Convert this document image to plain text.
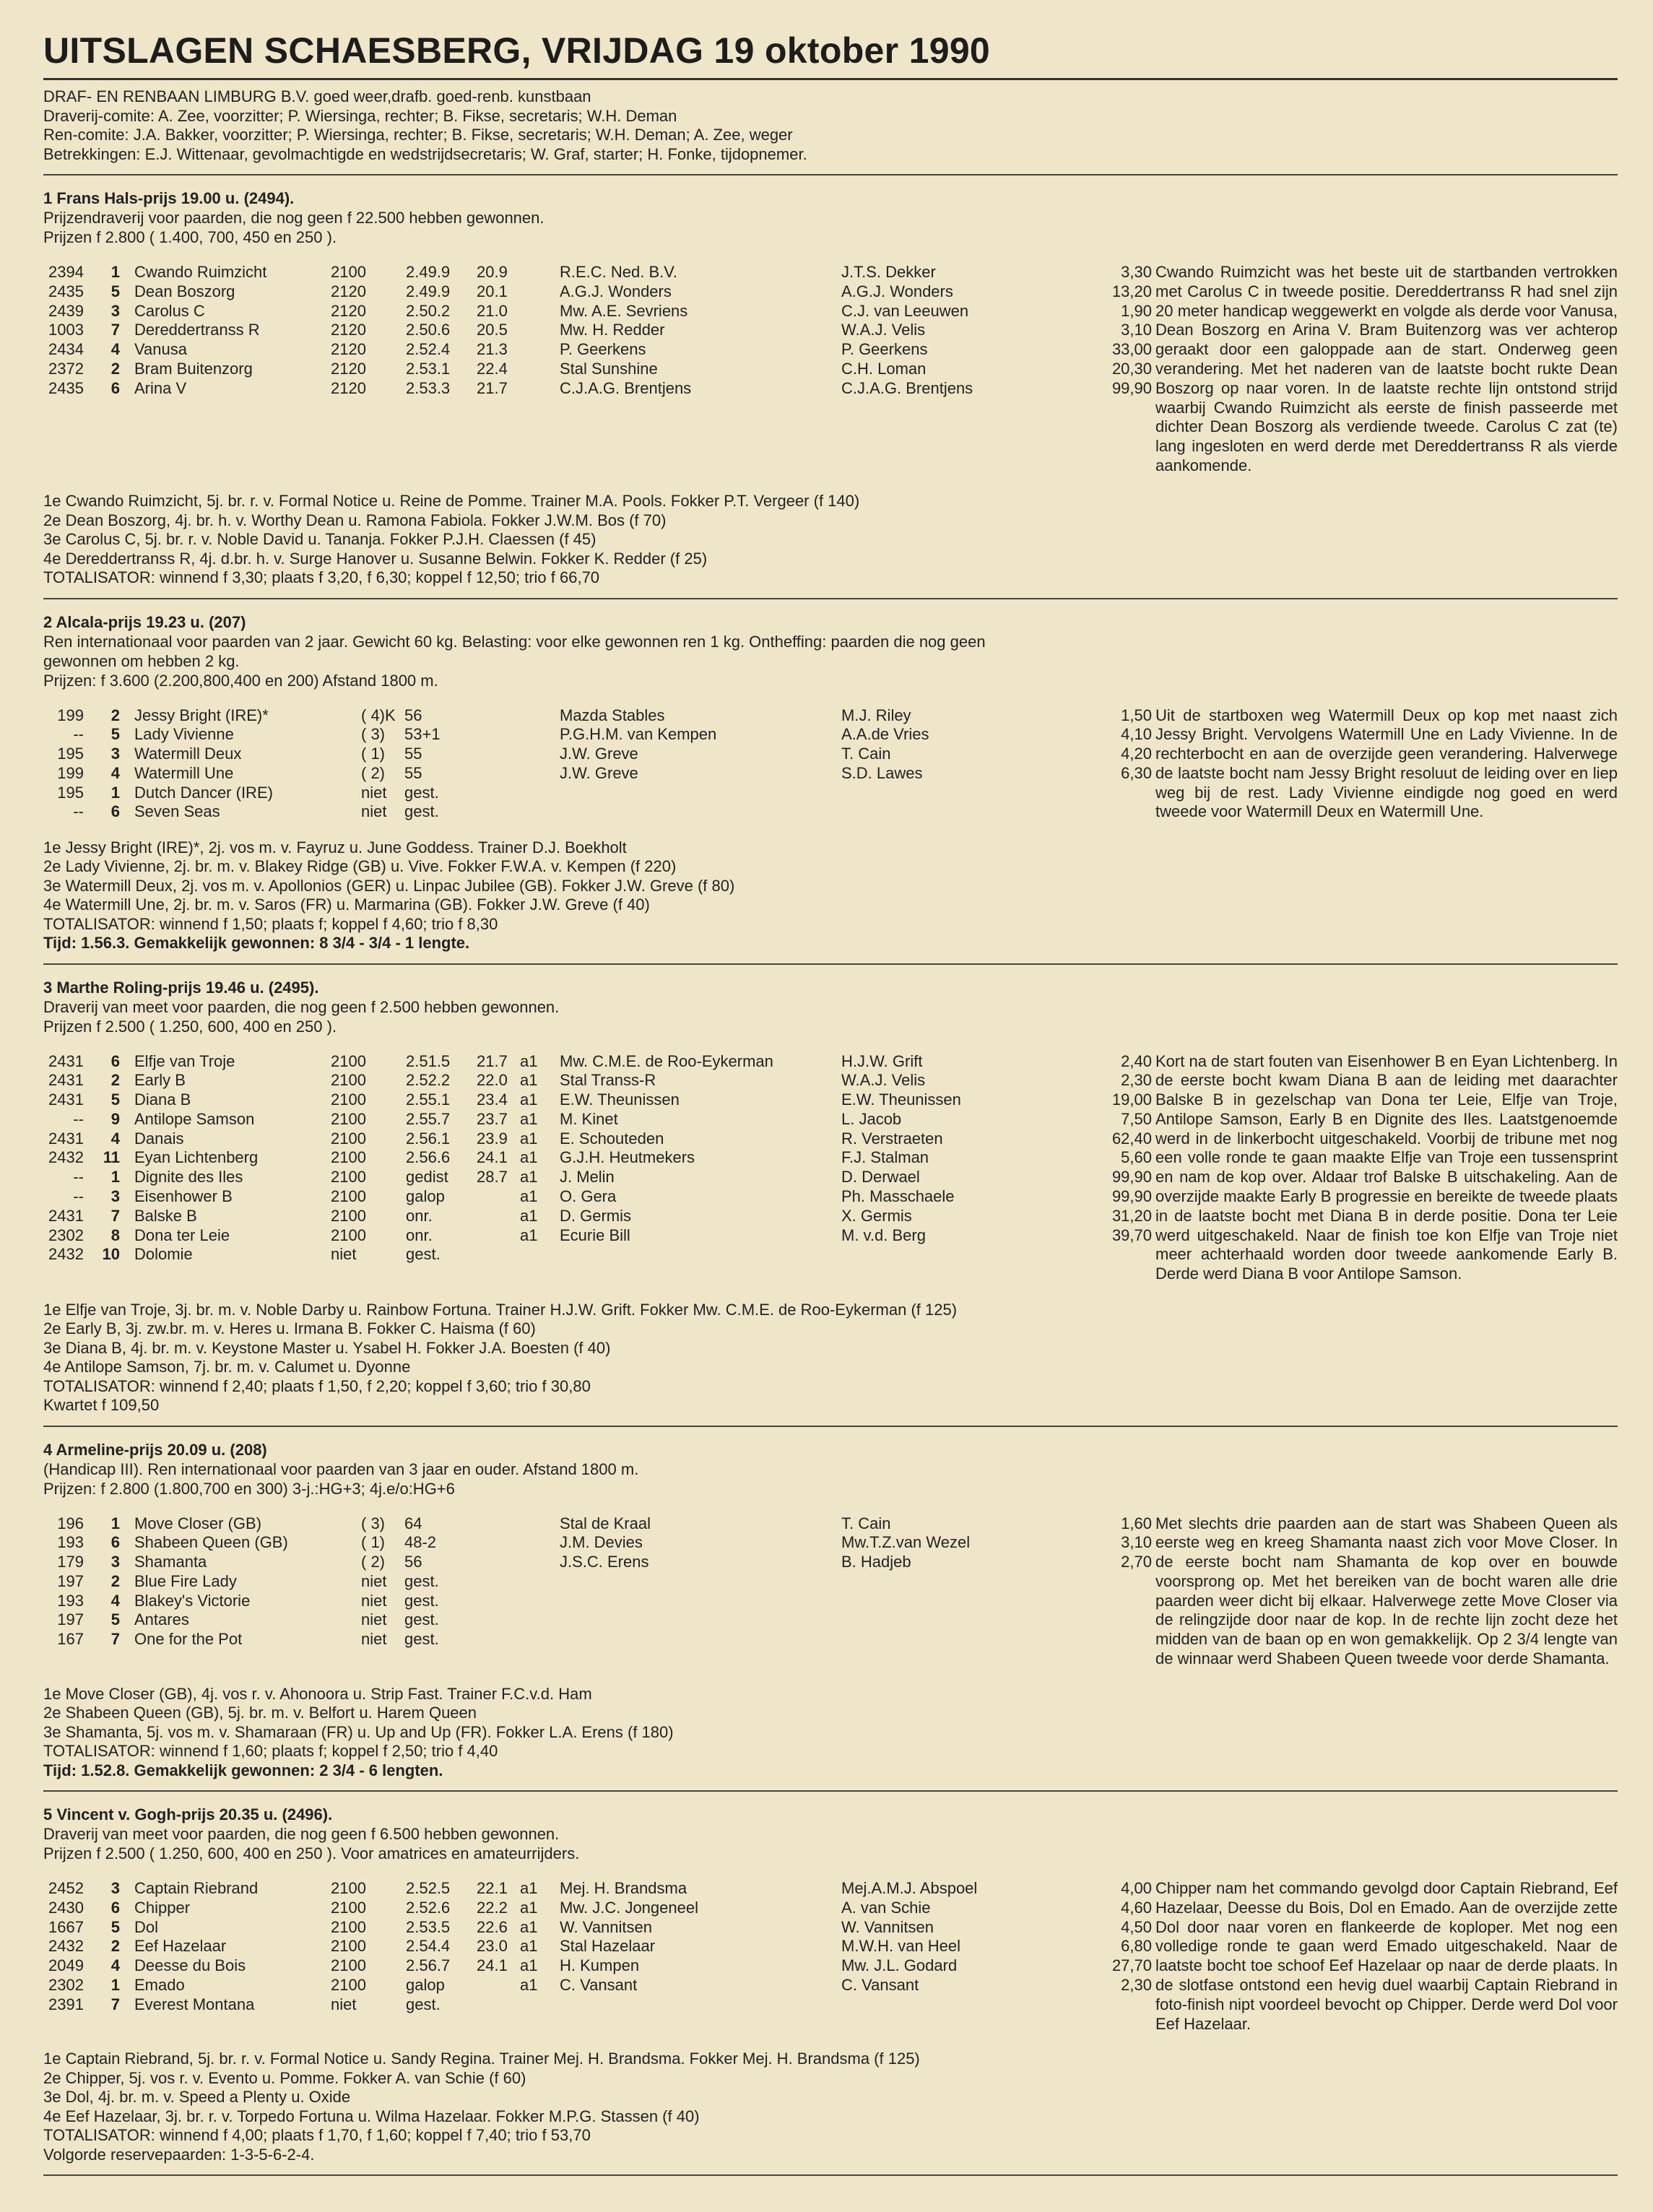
UITSLAGEN SCHAESBERG, VRIJDAG 19 oktober 1990
DRAF- EN RENBAAN LIMBURG B.V. goed weer,drafb. goed-renb. kunstbaan
Draverij-comite: A. Zee, voorzitter; P. Wiersinga, rechter; B. Fikse, secretaris; W.H. Deman
Ren-comite: J.A. Bakker, voorzitter; P. Wiersinga, rechter; B. Fikse, secretaris; W.H. Deman; A. Zee, weger
Betrekkingen: E.J. Wittenaar, gevolmachtigde en wedstrijdsecretaris; W. Graf, starter; H. Fonke, tijdopnemer.
1 Frans Hals-prijs 19.00 u. (2494).
Prijzendraverij voor paarden, die nog geen f 22.500 hebben gewonnen.
Prijzen f 2.800 ( 1.400, 700, 450 en 250 ).
2394	1 Cwando Ruimzicht	2100	2.49.9 20.9	R.E.C. Ned. B.V.	J.T.S. Dekker	3,30
2435	5 Dean Boszorg	2120	2.49.9 20.1	A.G.J. Wonders	A.G.J. Wonders	13,20
2439	3 Carolus C	2120	2.50.2 21.0	Mw. A.E. Sevriens	C.J. van Leeuwen	1,90
1003	7 Dereddertranss R	2120	2.50.6 20.5	Mw. H. Redder	W.A.J. Velis	3,10
2434	4 Vanusa	2120	2.52.4 21.3	P. Geerkens	P. Geerkens	33,00
2372	2 Bram Buitenzorg	2120	2.53.1 22.4	Stal Sunshine	C.H. Loman	20,30
2435	6 Arina V	2120	2.53.3 21.7	C.J.A.G. Brentjens	C.J.A.G. Brentjens	99,90
Cwando Ruimzicht was het beste uit de startbanden vertrokken met Carolus C in tweede positie. Dereddertranss R had snel zijn 20 meter handicap weggewerkt en volgde als derde voor Vanusa, Dean Boszorg en Arina V. Bram Buitenzorg was ver achterop geraakt door een galoppade aan de start. Onderweg geen verandering. Met het naderen van de laatste bocht rukte Dean Boszorg op naar voren. In de laatste rechte lijn ontstond strijd waarbij Cwando Ruimzicht als eerste de finish passeerde met dichter Dean Boszorg als verdiende tweede. Carolus C zat (te) lang ingesloten en werd derde met Dereddertranss R als vierde aankomende.
1e Cwando Ruimzicht, 5j. br. r. v. Formal Notice u. Reine de Pomme. Trainer M.A. Pools. Fokker P.T. Vergeer (f 140)
2e Dean Boszorg, 4j. br. h. v. Worthy Dean u. Ramona Fabiola. Fokker J.W.M. Bos (f 70)
3e Carolus C, 5j. br. r. v. Noble David u. Tananja. Fokker P.J.H. Claessen (f 45)
4e Dereddertranss R, 4j. d.br. h. v. Surge Hanover u. Susanne Belwin. Fokker K. Redder (f 25)
TOTALISATOR: winnend f 3,30; plaats f 3,20, f 6,30; koppel f 12,50; trio f 66,70
2 Alcala-prijs 19.23 u. (207)
Ren internationaal voor paarden van 2 jaar. Gewicht 60 kg. Belasting: voor elke gewonnen ren 1 kg. Ontheffing: paarden die nog geen
gewonnen om hebben 2 kg.
Prijzen: f 3.600 (2.200,800,400 en 200) Afstand 1800 m.
199	2 Jessy Bright (IRE)*	( 4)K 56	Mazda Stables	M.J. Riley	1,50
--	5 Lady Vivienne	( 3) 53+1	P.G.H.M. van Kempen	A.A.de Vries	4,10
195	3 Watermill Deux	( 1) 55	J.W. Greve	T. Cain	4,20
199	4 Watermill Une	( 2) 55	J.W. Greve	S.D. Lawes	6,30
195	1 Dutch Dancer (IRE)	niet gest.
--	6 Seven Seas	niet gest.
Uit de startboxen weg Watermill Deux op kop met naast zich Jessy Bright. Vervolgens Watermill Une en Lady Vivienne. In de rechterbocht en aan de overzijde geen verandering. Halverwege de laatste bocht nam Jessy Bright resoluut de leiding over en liep weg bij de rest. Lady Vivienne eindigde nog goed en werd tweede voor Watermill Deux en Watermill Une.
1e Jessy Bright (IRE)*, 2j. vos m. v. Fayruz u. June Goddess. Trainer D.J. Boekholt
2e Lady Vivienne, 2j. br. m. v. Blakey Ridge (GB) u. Vive. Fokker F.W.A. v. Kempen (f 220)
3e Watermill Deux, 2j. vos m. v. Apollonios (GER) u. Linpac Jubilee (GB). Fokker J.W. Greve (f 80)
4e Watermill Une, 2j. br. m. v. Saros (FR) u. Marmarina (GB). Fokker J.W. Greve (f 40)
TOTALISATOR: winnend f 1,50; plaats f; koppel f 4,60; trio f 8,30
Tijd: 1.56.3. Gemakkelijk gewonnen: 8 3/4 - 3/4 - 1 lengte.
3 Marthe Roling-prijs 19.46 u. (2495).
Draverij van meet voor paarden, die nog geen f 2.500 hebben gewonnen.
Prijzen f 2.500 ( 1.250, 600, 400 en 250 ).
2431	6 Elfje van Troje	2100	2.51.5 21.7 a1 Mw. C.M.E. de Roo-Eykerman	H.J.W. Grift	2,40
2431	2 Early B	2100	2.52.2 22.0 a1 Stal Transs-R	W.A.J. Velis	2,30
2431	5 Diana B	2100	2.55.1 23.4 a1 E.W. Theunissen	E.W. Theunissen	19,00
--	9 Antilope Samson	2100	2.55.7 23.7 a1 M. Kinet	L. Jacob	7,50
2431	4 Danais	2100	2.56.1 23.9 a1 E. Schouteden	R. Verstraeten	62,40
2432	11 Eyan Lichtenberg	2100	2.56.6 24.1 a1 G.J.H. Heutmekers	F.J. Stalman	5,60
--	1 Dignite des Iles	2100	gedist 28.7 a1 J. Melin	D. Derwael	99,90
--	3 Eisenhower B	2100	galop	a1 O. Gera	Ph. Masschaele	99,90
2431	7 Balske B	2100	onr.	a1 D. Germis	X. Germis	31,20
2302	8 Dona ter Leie	2100	onr.	a1 Ecurie Bill	M. v.d. Berg	39,70
2432	10 Dolomie	niet	gest.
Kort na de start fouten van Eisenhower B en Eyan Lichtenberg. In de eerste bocht kwam Diana B aan de leiding met daarachter Balske B in gezelschap van Dona ter Leie, Elfje van Troje, Antilope Samson, Early B en Dignite des Iles. Laatstgenoemde werd in de linkerbocht uitgeschakeld. Voorbij de tribune met nog een volle ronde te gaan maakte Elfje van Troje een tussensprint en nam de kop over. Aldaar trof Balske B uitschakeling. Aan de overzijde maakte Early B progressie en bereikte de tweede plaats in de laatste bocht met Diana B in derde positie. Dona ter Leie werd uitgeschakeld. Naar de finish toe kon Elfje van Troje niet meer achterhaald worden door tweede aankomende Early B. Derde werd Diana B voor Antilope Samson.
1e Elfje van Troje, 3j. br. m. v. Noble Darby u. Rainbow Fortuna. Trainer H.J.W. Grift. Fokker Mw. C.M.E. de Roo-Eykerman (f 125)
2e Early B, 3j. zw.br. m. v. Heres u. Irmana B. Fokker C. Haisma (f 60)
3e Diana B, 4j. br. m. v. Keystone Master u. Ysabel H. Fokker J.A. Boesten (f 40)
4e Antilope Samson, 7j. br. m. v. Calumet u. Dyonne
TOTALISATOR: winnend f 2,40; plaats f 1,50, f 2,20; koppel f 3,60; trio f 30,80
Kwartet f 109,50
4 Armeline-prijs 20.09 u. (208)
(Handicap III). Ren internationaal voor paarden van 3 jaar en ouder. Afstand 1800 m.
Prijzen: f 2.800 (1.800,700 en 300) 3-j.:HG+3; 4j.e/o:HG+6
196	1 Move Closer (GB)	( 3) 64	Stal de Kraal	T. Cain	1,60
193	6 Shabeen Queen (GB)	( 1) 48-2	J.M. Devies	Mw.T.Z.van Wezel	3,10
179	3 Shamanta	( 2) 56	J.S.C. Erens	B. Hadjeb	2,70
197	2 Blue Fire Lady	niet gest.
193	4 Blakey's Victorie	niet gest.
197	5 Antares	niet gest.
167	7 One for the Pot	niet gest.
Met slechts drie paarden aan de start was Shabeen Queen als eerste weg en kreeg Shamanta naast zich voor Move Closer. In de eerste bocht nam Shamanta de kop over en bouwde voorsprong op. Met het bereiken van de bocht waren alle drie paarden weer dicht bij elkaar. Halverwege zette Move Closer via de relingzijde door naar de kop. In de rechte lijn zocht deze het midden van de baan op en won gemakkelijk. Op 2 3/4 lengte van de winnaar werd Shabeen Queen tweede voor derde Shamanta.
1e Move Closer (GB), 4j. vos r. v. Ahonoora u. Strip Fast. Trainer F.C.v.d. Ham
2e Shabeen Queen (GB), 5j. br. m. v. Belfort u. Harem Queen
3e Shamanta, 5j. vos m. v. Shamaraan (FR) u. Up and Up (FR). Fokker L.A. Erens (f 180)
TOTALISATOR: winnend f 1,60; plaats f; koppel f 2,50; trio f 4,40
Tijd: 1.52.8. Gemakkelijk gewonnen: 2 3/4 - 6 lengten.
5 Vincent v. Gogh-prijs 20.35 u. (2496).
Draverij van meet voor paarden, die nog geen f 6.500 hebben gewonnen.
Prijzen f 2.500 ( 1.250, 600, 400 en 250 ). Voor amatrices en amateurrijders.
2452	3 Captain Riebrand	2100	2.52.5 22.1 a1 Mej. H. Brandsma	Mej.A.M.J. Abspoel	4,00
2430	6 Chipper	2100	2.52.6 22.2 a1 Mw. J.C. Jongeneel	A. van Schie	4,60
1667	5 Dol	2100	2.53.5 22.6 a1 W. Vannitsen	W. Vannitsen	4,50
2432	2 Eef Hazelaar	2100	2.54.4 23.0 a1 Stal Hazelaar	M.W.H. van Heel	6,80
2049	4 Deesse du Bois	2100	2.56.7 24.1 a1 H. Kumpen	Mw. J.L. Godard	27,70
2302	1 Emado	2100	galop	a1 C. Vansant	C. Vansant	2,30
2391	7 Everest Montana	niet	gest.
Chipper nam het commando gevolgd door Captain Riebrand, Eef Hazelaar, Deesse du Bois, Dol en Emado. Aan de overzijde zette Dol door naar voren en flankeerde de koploper. Met nog een volledige ronde te gaan werd Emado uitgeschakeld. Naar de laatste bocht toe schoof Eef Hazelaar op naar de derde plaats. In de slotfase ontstond een hevig duel waarbij Captain Riebrand in foto-finish nipt voordeel bevocht op Chipper. Derde werd Dol voor Eef Hazelaar.
1e Captain Riebrand, 5j. br. r. v. Formal Notice u. Sandy Regina. Trainer Mej. H. Brandsma. Fokker Mej. H. Brandsma (f 125)
2e Chipper, 5j. vos r. v. Evento u. Pomme. Fokker A. van Schie (f 60)
3e Dol, 4j. br. m. v. Speed a Plenty u. Oxide
4e Eef Hazelaar, 3j. br. r. v. Torpedo Fortuna u. Wilma Hazelaar. Fokker M.P.G. Stassen (f 40)
TOTALISATOR: winnend f 4,00; plaats f 1,70, f 1,60; koppel f 7,40; trio f 53,70
Volgorde reservepaarden: 1-3-5-6-2-4.
